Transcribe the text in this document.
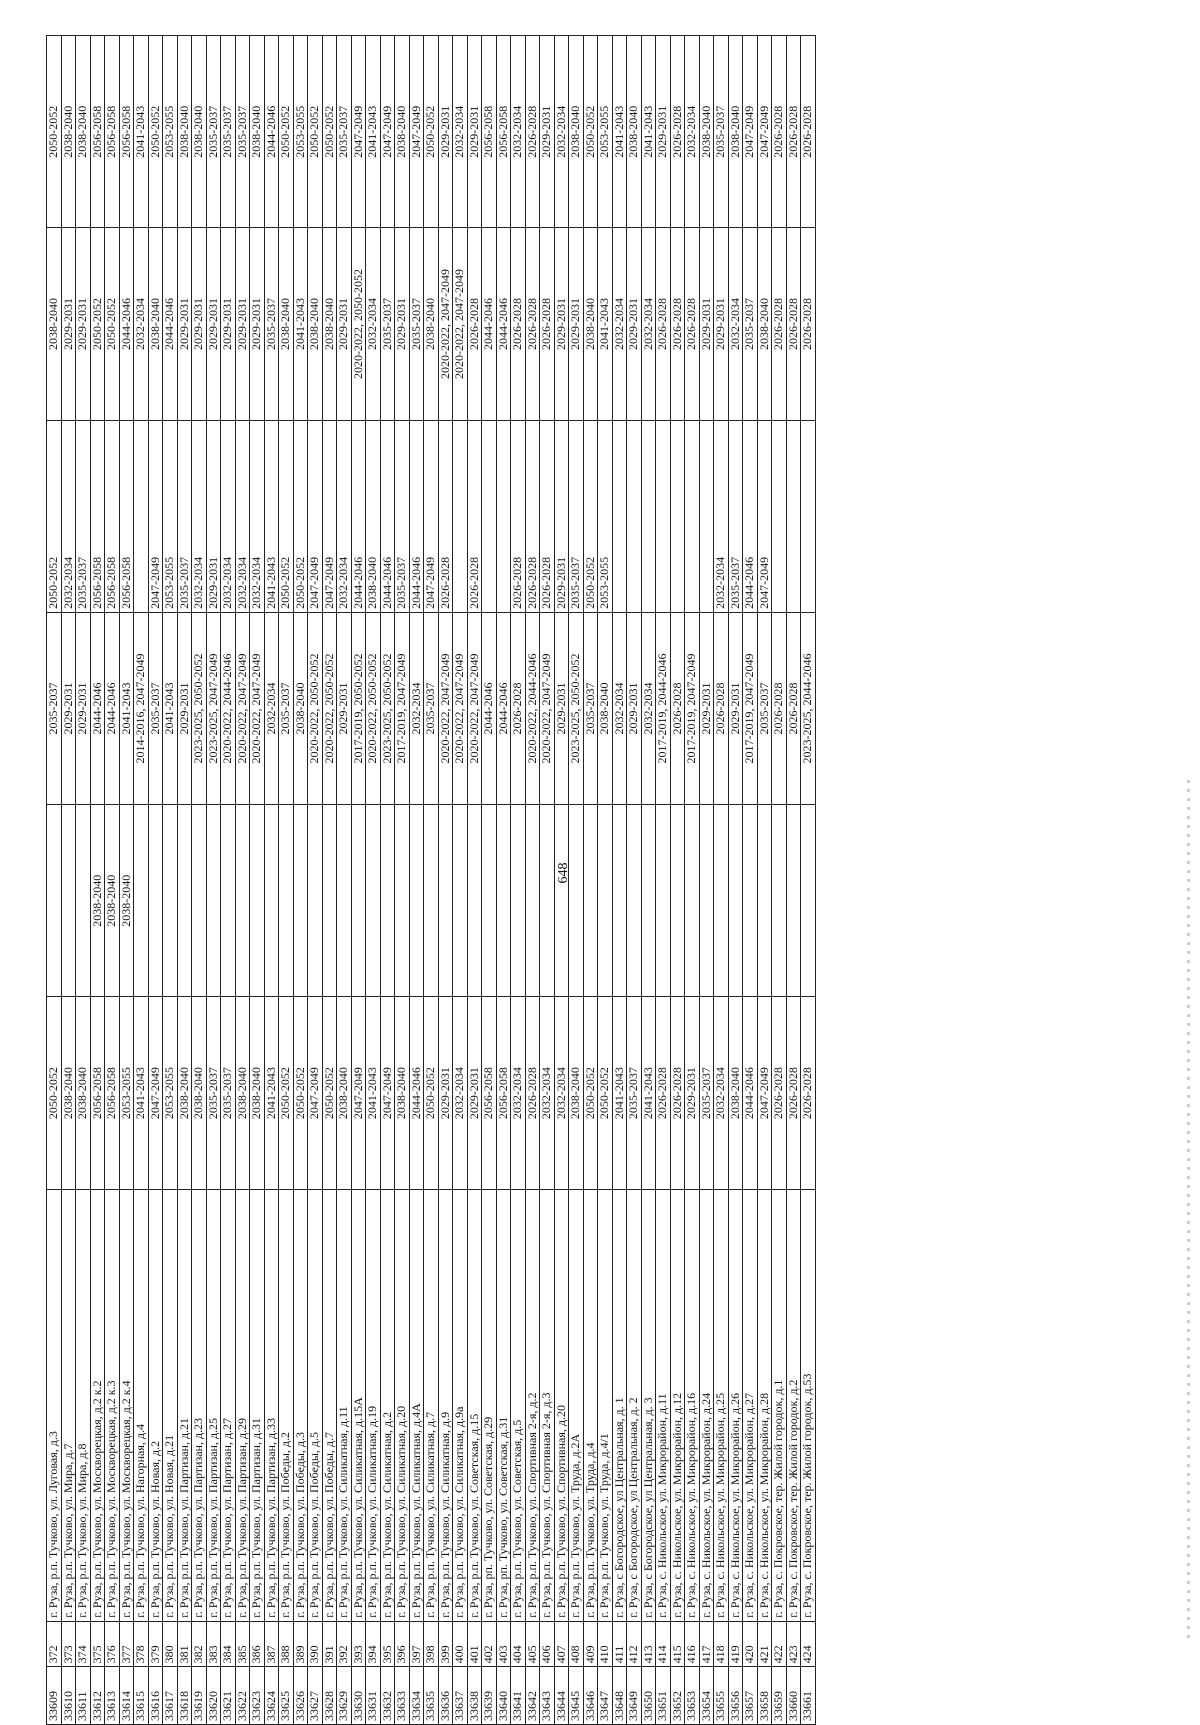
33609	372	г. Руза, р.п. Тучково, ул. Луговая, д.3	2050-2052		2035-2037	2050-2052	2038-2040	2050-2052
33610	373	г. Руза, р.п. Тучково, ул. Мира, д.7	2038-2040		2029-2031	2032-2034	2029-2031	2038-2040
33611	374	г. Руза, р.п. Тучково, ул. Мира, д.8	2038-2040		2029-2031	2035-2037	2029-2031	2038-2040
33612	375	г. Руза, р.п. Тучково, ул. Москворецкая, д.2 к.2	2056-2058	2038-2040	2044-2046	2056-2058	2050-2052	2056-2058
33613	376	г. Руза, р.п. Тучково, ул. Москворецкая, д.2 к.3	2056-2058	2038-2040	2044-2046	2056-2058	2050-2052	2056-2058
33614	377	г. Руза, р.п. Тучково, ул. Москворецкая, д.2 к.4	2053-2055	2038-2040	2041-2043	2056-2058	2044-2046	2056-2058
33615	378	г. Руза, р.п. Тучково, ул. Нагорная, д.4	2041-2043		2014-2016, 2047-2049		2032-2034	2041-2043
33616	379	г. Руза, р.п. Тучково, ул. Новая, д.2	2047-2049		2035-2037	2047-2049	2038-2040	2050-2052
33617	380	г. Руза, р.п. Тучково, ул. Новая, д.21	2053-2055		2041-2043	2053-2055	2044-2046	2053-2055
33618	381	г. Руза, р.п. Тучково, ул. Партизан, д.21	2038-2040		2029-2031	2035-2037	2029-2031	2038-2040
33619	382	г. Руза, р.п. Тучково, ул. Партизан, д.23	2038-2040		2023-2025, 2050-2052	2032-2034	2029-2031	2038-2040
33620	383	г. Руза, р.п. Тучково, ул. Партизан, д.25	2035-2037		2023-2025, 2047-2049	2029-2031	2029-2031	2035-2037
33621	384	г. Руза, р.п. Тучково, ул. Партизан, д.27	2035-2037		2020-2022, 2044-2046	2032-2034	2029-2031	2035-2037
33622	385	г. Руза, р.п. Тучково, ул. Партизан, д.29	2038-2040		2020-2022, 2047-2049	2032-2034	2029-2031	2035-2037
33623	386	г. Руза, р.п. Тучково, ул. Партизан, д.31	2038-2040		2020-2022, 2047-2049	2032-2034	2029-2031	2038-2040
33624	387	г. Руза, р.п. Тучково, ул. Партизан, д.33	2041-2043		2032-2034	2041-2043	2035-2037	2044-2046
33625	388	г. Руза, р.п. Тучково, ул. Победы, д.2	2050-2052		2035-2037	2050-2052	2038-2040	2050-2052
33626	389	г. Руза, р.п. Тучково, ул. Победы, д.3	2050-2052		2038-2040	2050-2052	2041-2043	2053-2055
33627	390	г. Руза, р.п. Тучково, ул. Победы, д.5	2047-2049		2020-2022, 2050-2052	2047-2049	2038-2040	2050-2052
33628	391	г. Руза, р.п. Тучково, ул. Победы, д.7	2050-2052		2020-2022, 2050-2052	2047-2049	2038-2040	2050-2052
33629	392	г. Руза, р.п. Тучково, ул. Силикатная, д.11	2038-2040		2029-2031	2032-2034	2029-2031	2035-2037
33630	393	г. Руза, р.п. Тучково, ул. Силикатная, д.15А	2047-2049		2017-2019, 2050-2052	2044-2046	2020-2022, 2050-2052	2047-2049
33631	394	г. Руза, р.п. Тучково, ул. Силикатная, д.19	2041-2043		2020-2022, 2050-2052	2038-2040	2032-2034	2041-2043
33632	395	г. Руза, р.п. Тучково, ул. Силикатная, д.2	2047-2049		2023-2025, 2050-2052	2044-2046	2035-2037	2047-2049
33633	396	г. Руза, р.п. Тучково, ул. Силикатная, д.20	2038-2040		2017-2019, 2047-2049	2035-2037	2029-2031	2038-2040
33634	397	г. Руза, р.п. Тучково, ул. Силикатная, д.4А	2044-2046		2032-2034	2044-2046	2035-2037	2047-2049
33635	398	г. Руза, р.п. Тучково, ул. Силикатная, д.7	2050-2052		2035-2037	2047-2049	2038-2040	2050-2052
33636	399	г. Руза, р.п. Тучково, ул. Силикатная, д.9	2029-2031		2020-2022, 2047-2049	2026-2028	2020-2022, 2047-2049	2029-2031
33637	400	г. Руза, р.п. Тучково, ул. Силикатная, д.9а	2032-2034		2020-2022, 2047-2049		2020-2022, 2047-2049	2032-2034
33638	401	г. Руза, р.п. Тучково, ул. Советская, д.15	2029-2031		2020-2022, 2047-2049	2026-2028	2026-2028	2029-2031
33639	402	г. Руза, рп. Тучково, ул. Советская, д.29	2056-2058		2044-2046		2044-2046	2056-2058
33640	403	г. Руза, рп. Тучково, ул. Советская, д.31	2056-2058		2044-2046		2044-2046	2056-2058
33641	404	г. Руза, р.п. Тучково, ул. Советская, д.5	2032-2034		2026-2028	2026-2028	2026-2028	2032-2034
33642	405	г. Руза, р.п. Тучково, ул. Спортивная 2-я, д.2	2026-2028		2020-2022, 2044-2046	2026-2028	2026-2028	2026-2028
33643	406	г. Руза, р.п. Тучково, ул. Спортивная 2-я, д.3	2032-2034		2020-2022, 2047-2049	2026-2028	2026-2028	2029-2031
33644	407	г. Руза, р.п. Тучково, ул. Спортивная, д.20	2032-2034		2029-2031	2029-2031	2029-2031	2032-2034
33645	408	г. Руза, р.п. Тучково, ул. Труда, д.2А	2038-2040		2023-2025, 2050-2052	2035-2037	2029-2031	2038-2040
33646	409	г. Руза, р.п. Тучково, ул. Труда, д.4	2050-2052		2035-2037	2050-2052	2038-2040	2050-2052
33647	410	г. Руза, р.п. Тучково, ул. Труда, д.4/1	2050-2052		2038-2040	2053-2055	2041-2043	2053-2055
33648	411	г. Руза, с Богородское, ул Центральная, д. 1	2041-2043		2032-2034		2032-2034	2041-2043
33649	412	г. Руза, с Богородское, ул Центральная, д. 2	2035-2037		2029-2031		2029-2031	2038-2040
33650	413	г. Руза, с Богородское, ул Центральная, д. 3	2041-2043		2032-2034		2032-2034	2041-2043
33651	414	г. Руза, с. Никольское, ул. Микрорайон, д.11	2026-2028		2017-2019, 2044-2046		2026-2028	2029-2031
33652	415	г. Руза, с. Никольское, ул. Микрорайон, д.12	2026-2028		2026-2028		2026-2028	2026-2028
33653	416	г. Руза, с. Никольское, ул. Микрорайон, д.16	2029-2031		2017-2019, 2047-2049		2026-2028	2032-2034
33654	417	г. Руза, с. Никольское, ул. Микрорайон, д.24	2035-2037		2029-2031		2029-2031	2038-2040
33655	418	г. Руза, с. Никольское, ул. Микрорайон, д.25	2032-2034		2026-2028	2032-2034	2029-2031	2035-2037
33656	419	г. Руза, с. Никольское, ул. Микрорайон, д.26	2038-2040		2029-2031	2035-2037	2032-2034	2038-2040
33657	420	г. Руза, с. Никольское, ул. Микрорайон, д.27	2044-2046		2017-2019, 2047-2049	2044-2046	2035-2037	2047-2049
33658	421	г. Руза, с. Никольское, ул. Микрорайон, д.28	2047-2049		2035-2037	2047-2049	2038-2040	2047-2049
33659	422	г. Руза, с. Покровское, тер. Жилой городок, д.1	2026-2028		2026-2028		2026-2028	2026-2028
33660	423	г. Руза, с. Покровское, тер. Жилой городок, д.2	2026-2028		2026-2028		2026-2028	2026-2028
33661	424	г. Руза, с. Покровское, тер. Жилой городок, д.53	2026-2028		2023-2025, 2044-2046		2026-2028	2026-2028
648
